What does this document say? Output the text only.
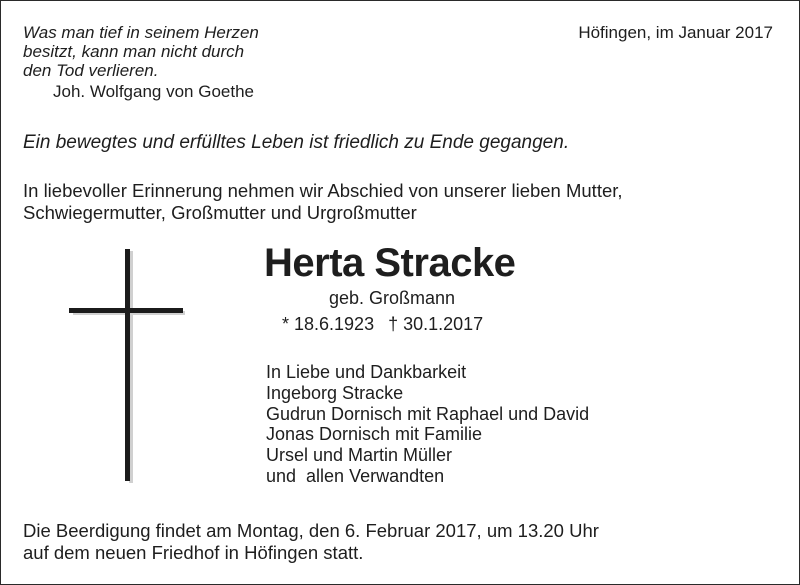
Was man tief in seinem Herzen
besitzt, kann man nicht durch
den Tod verlieren.
Joh. Wolfgang von Goethe
Höfingen, im Januar 2017
Ein bewegtes und erfülltes Leben ist friedlich zu Ende gegangen.
In liebevoller Erinnerung nehmen wir Abschied von unserer lieben Mutter,
Schwiegermutter, Großmutter und Urgroßmutter
Herta Stracke
geb. Großmann
* 18.6.1923 † 30.1.2017
In Liebe und Dankbarkeit
Ingeborg Stracke
Gudrun Dornisch mit Raphael und David
Jonas Dornisch mit Familie
Ursel und Martin Müller
und  allen Verwandten
Die Beerdigung findet am Montag, den 6. Februar 2017, um 13.20 Uhr
auf dem neuen Friedhof in Höfingen statt.
